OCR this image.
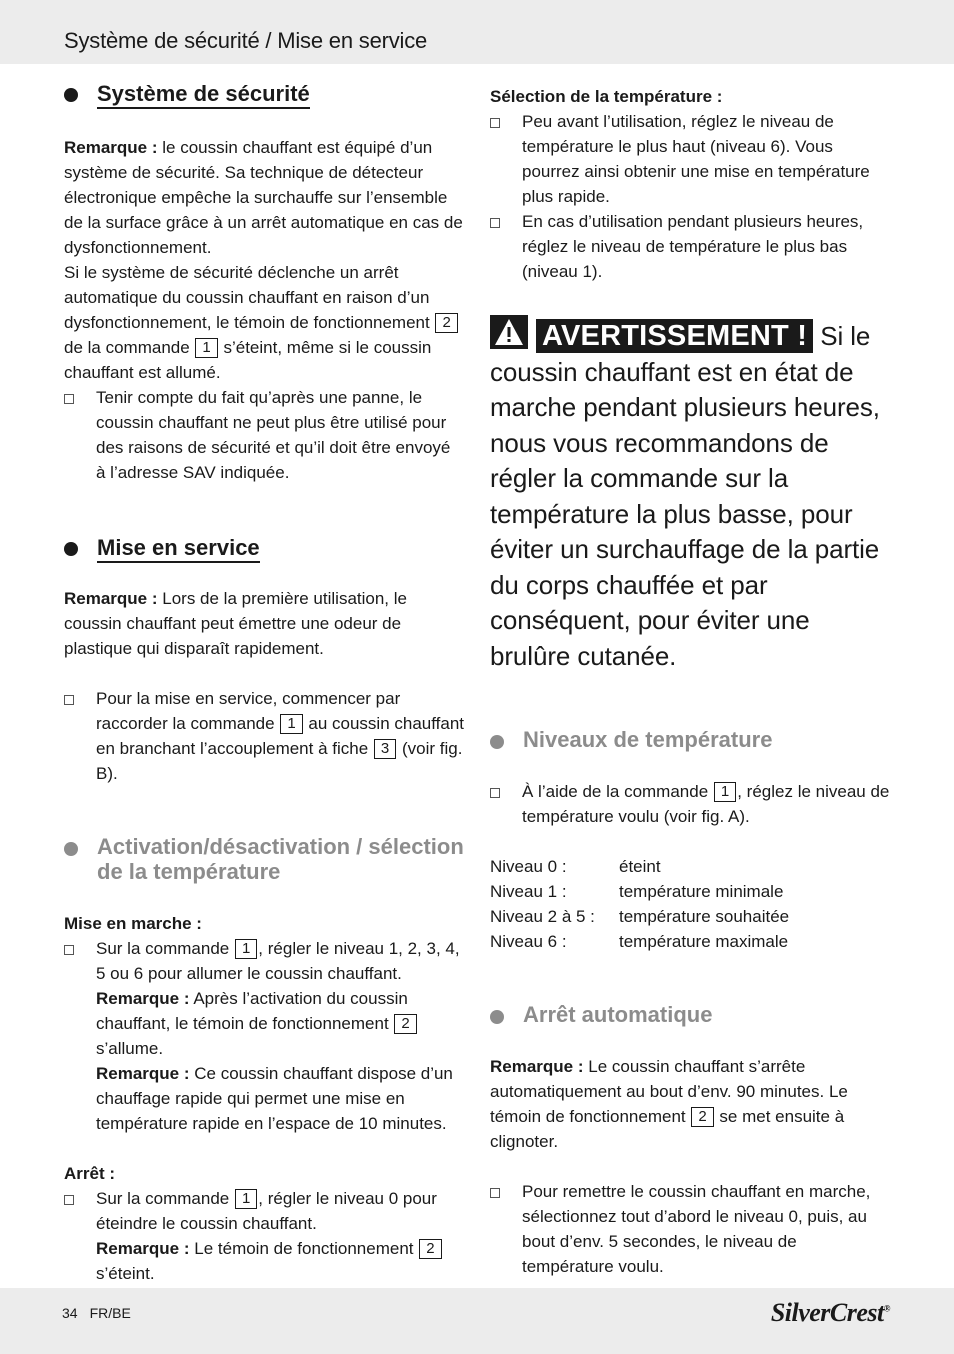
Système de sécurité / Mise en service
Système de sécurité

Remarque : le coussin chauffant est équipé d’un système de sécurité. Sa technique de détecteur électronique empêche la surchauffe sur l’ensemble de la surface grâce à un arrêt automatique en cas de dysfonctionnement.

Si le système de sécurité déclenche un arrêt automatique du coussin chauffant en raison d’un dysfonctionnement, le témoin de fonctionnement 2 de la commande 1 s’éteint, même si le coussin chauffant est allumé.

Tenir compte du fait qu’après une panne, le coussin chauffant ne peut plus être utilisé pour des raisons de sécurité et qu’il doit être envoyé à l’adresse SAV indiquée.
Mise en service

Remarque : Lors de la première utilisation, le coussin chauffant peut émettre une odeur de plastique qui disparaît rapidement.

Pour la mise en service, commencer par raccorder la commande 1 au coussin chauffant en branchant l’accouplement à fiche 3 (voir fig. B).
Activation/désactivation / sélection de la température

Mise en marche :

Sur la commande 1 , régler le niveau 1, 2, 3, 4, 5 ou 6 pour allumer le coussin chauffant.
Remarque : Après l’activation du coussin chauffant, le témoin de fonctionnement 2 s’allume.
Remarque : Ce coussin chauffant dispose d’un chauffage rapide qui permet une mise en température rapide en l’espace de 10 minutes.

Arrêt :

Sur la commande 1 , régler le niveau 0 pour éteindre le coussin chauffant.
Remarque : Le témoin de fonctionnement 2 s’éteint.

Sélection de la température :

Peu avant l’utilisation, réglez le niveau de température le plus haut (niveau 6). Vous pourrez ainsi obtenir une mise en température plus rapide.
En cas d’utilisation pendant plusieurs heures, réglez le niveau de température le plus bas (niveau 1).

AVERTISSEMENT ! Si le coussin chauffant est en état de marche pendant plusieurs heures, nous vous recommandons de régler la commande sur la température la plus basse, pour éviter un surchauffage de la partie du corps chauffée et par conséquent, pour éviter une brulûre cutanée.

Niveaux de température
À l’aide de la commande 1 , réglez le niveau de température voulu (voir fig. A).
Niveau 0 :	éteint
Niveau 1 :	température minimale
Niveau 2 à 5 :	température souhaitée
Niveau 6 :	température maximale
Arrêt automatique

Remarque : Le coussin chauffant s’arrête automatiquement au bout d’env. 90 minutes. Le témoin de fonctionnement 2 se met ensuite à clignoter.

Pour remettre le coussin chauffant en marche, sélectionnez tout d’abord le niveau 0, puis, au bout d’env. 5 secondes, le niveau de température voulu.
34 FR/BE	SilverCrest®
